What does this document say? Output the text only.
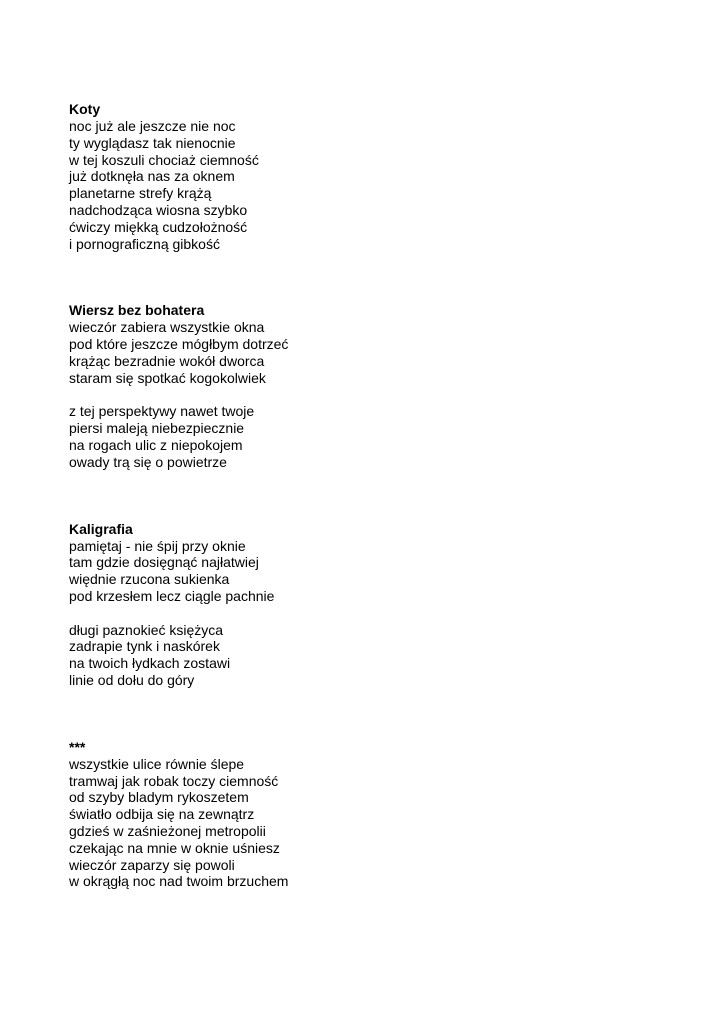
Koty
noc już ale jeszcze nie noc
ty wyglądasz tak nienocnie
w tej koszuli chociaż ciemność
już dotknęła nas za oknem
planetarne strefy krążą
nadchodząca wiosna szybko
ćwiczy miękką cudzołożność
i pornograficzną gibkość
Wiersz bez bohatera
wieczór zabiera wszystkie okna
pod które jeszcze mógłbym dotrzeć
krążąc bezradnie wokół dworca
staram się spotkać kogokolwiek
z tej perspektywy nawet twoje
piersi maleją niebezpiecznie
na rogach ulic z niepokojem
owady trą się o powietrze
Kaligrafia
pamiętaj - nie śpij przy oknie
tam gdzie dosięgnąć najłatwiej
więdnie rzucona sukienka
pod krzesłem lecz ciągle pachnie
długi paznokieć księżyca
zadrapie tynk i naskórek
na twoich łydkach zostawi
linie od dołu do góry
***
wszystkie ulice równie ślepe
tramwaj jak robak toczy ciemność
od szyby bladym rykoszetem
światło odbija się na zewnątrz
gdzieś w zaśnieżonej metropolii
czekając na mnie w oknie uśniesz
wieczór zaparzy się powoli
w okrągłą noc nad twoim brzuchem
